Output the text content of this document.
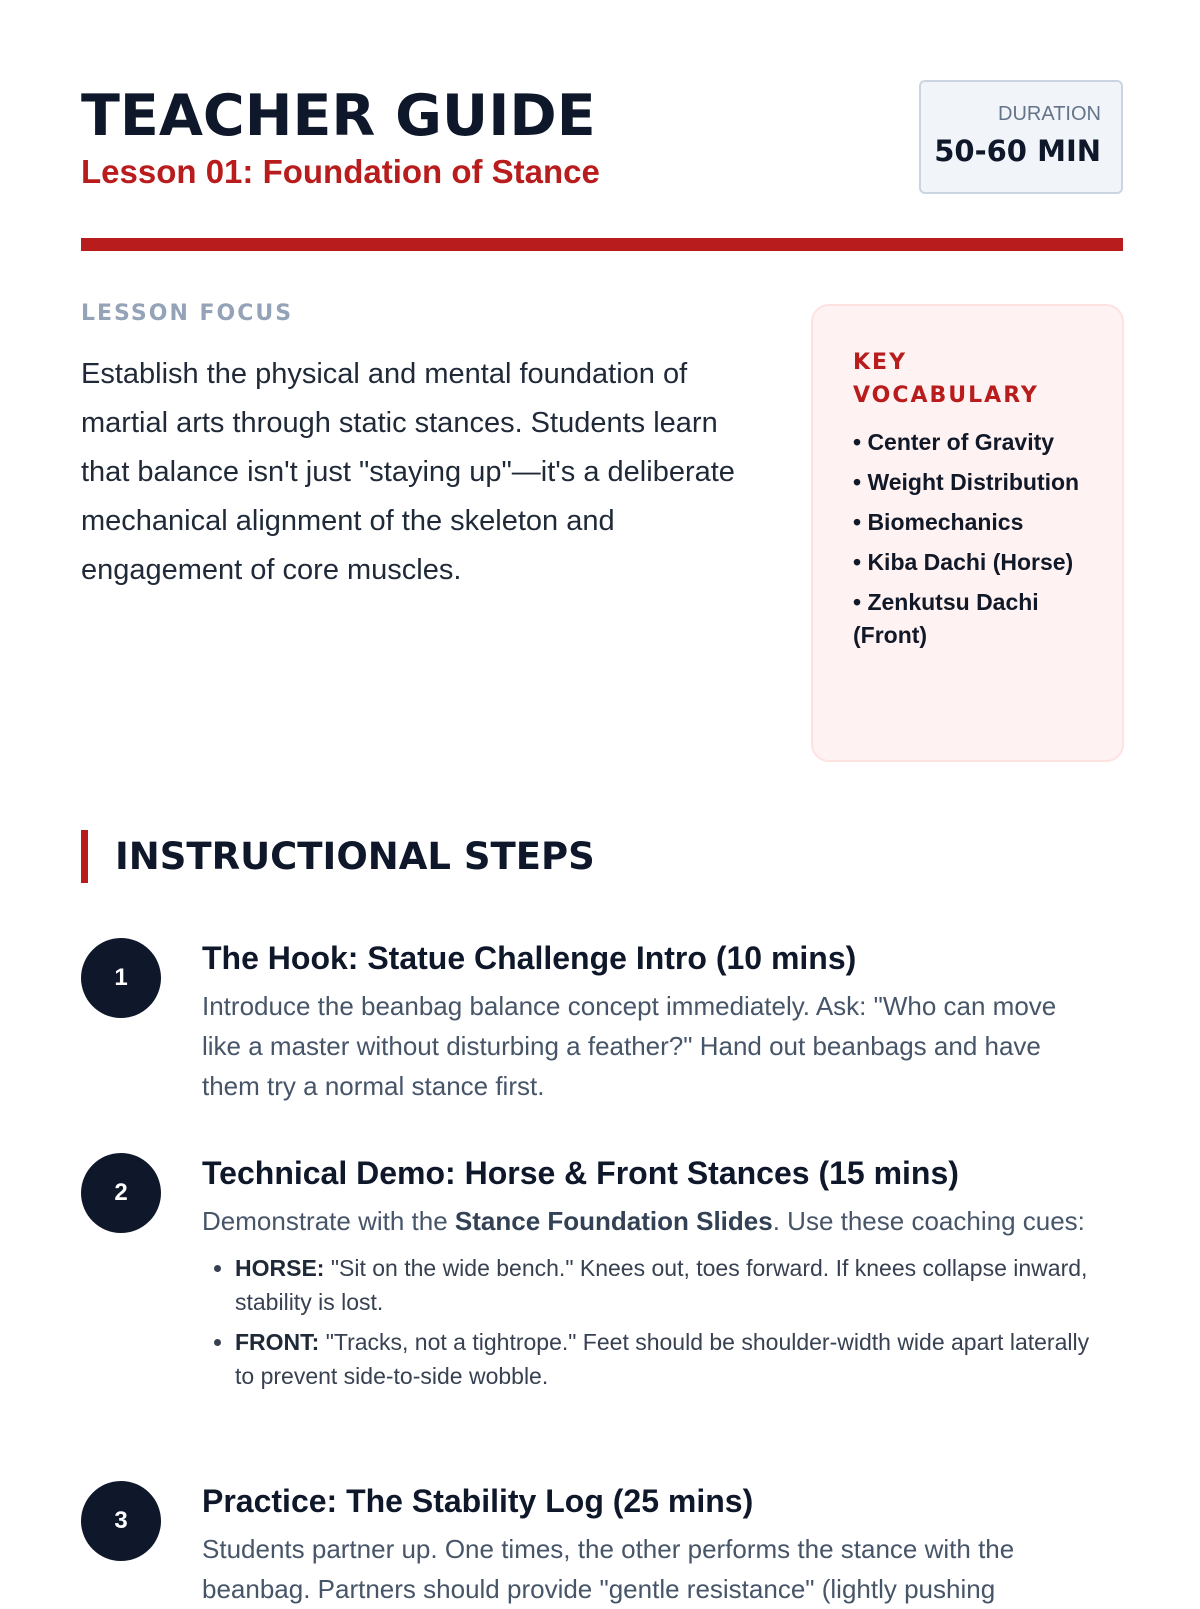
TEACHER GUIDE
Lesson 01: Foundation of Stance
DURATION
50-60 MIN
LESSON FOCUS
Establish the physical and mental foundation of martial arts through static stances. Students learn that balance isn't just "staying up"—it's a deliberate mechanical alignment of the skeleton and engagement of core muscles.
KEY VOCABULARY
• Center of Gravity
• Weight Distribution
• Biomechanics
• Kiba Dachi (Horse)
• Zenkutsu Dachi (Front)
INSTRUCTIONAL STEPS
1
The Hook: Statue Challenge Intro (10 mins)
Introduce the beanbag balance concept immediately. Ask: "Who can move like a master without disturbing a feather?" Hand out beanbags and have them try a normal stance first.
2
Technical Demo: Horse & Front Stances (15 mins)
Demonstrate with the Stance Foundation Slides. Use these coaching cues:
• HORSE: "Sit on the wide bench." Knees out, toes forward. If knees collapse inward, stability is lost.
• FRONT: "Tracks, not a tightrope." Feet should be shoulder-width wide apart laterally to prevent side-to-side wobble.
3
Practice: The Stability Log (25 mins)
Students partner up. One times, the other performs the stance with the beanbag. Partners should provide "gentle resistance" (lightly pushing
